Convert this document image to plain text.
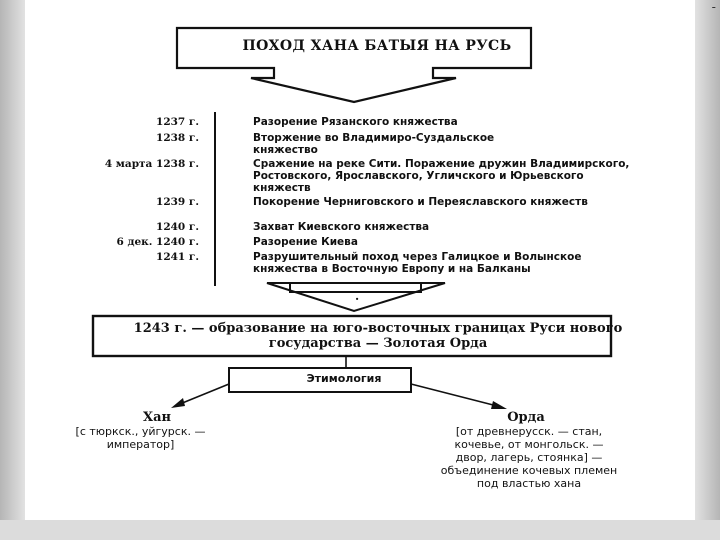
-
ПОХОД ХАНА БАТЫЯ НА РУСЬ
1237 г.	Разорение Рязанского княжества
1238 г.	Вторжение во Владимиро-Суздальское княжество
4 марта 1238 г.	Сражение на реке Сити. Поражение дружин Владимирского, Ростовского, Ярославского, Угличского и Юрьевского княжеств
1239 г.	Покорение Черниговского и Переяславского княжеств
1240 г.	Захват Киевского княжества
6 дек. 1240 г.	Разорение Киева
1241 г.	Разрушительный поход через Галицкое и Волынское княжества в Восточную Европу и на Балканы
·
1243 г. — образование на юго-восточных границах Руси нового государства — Золотая Орда
Этимология
Хан
[с тюркск., уйгурск. — император]
Орда
[от древнерусск. — стан, кочевье, от монгольск. — двор, лагерь, стоянка] — объединение кочевых племен под властью хана
